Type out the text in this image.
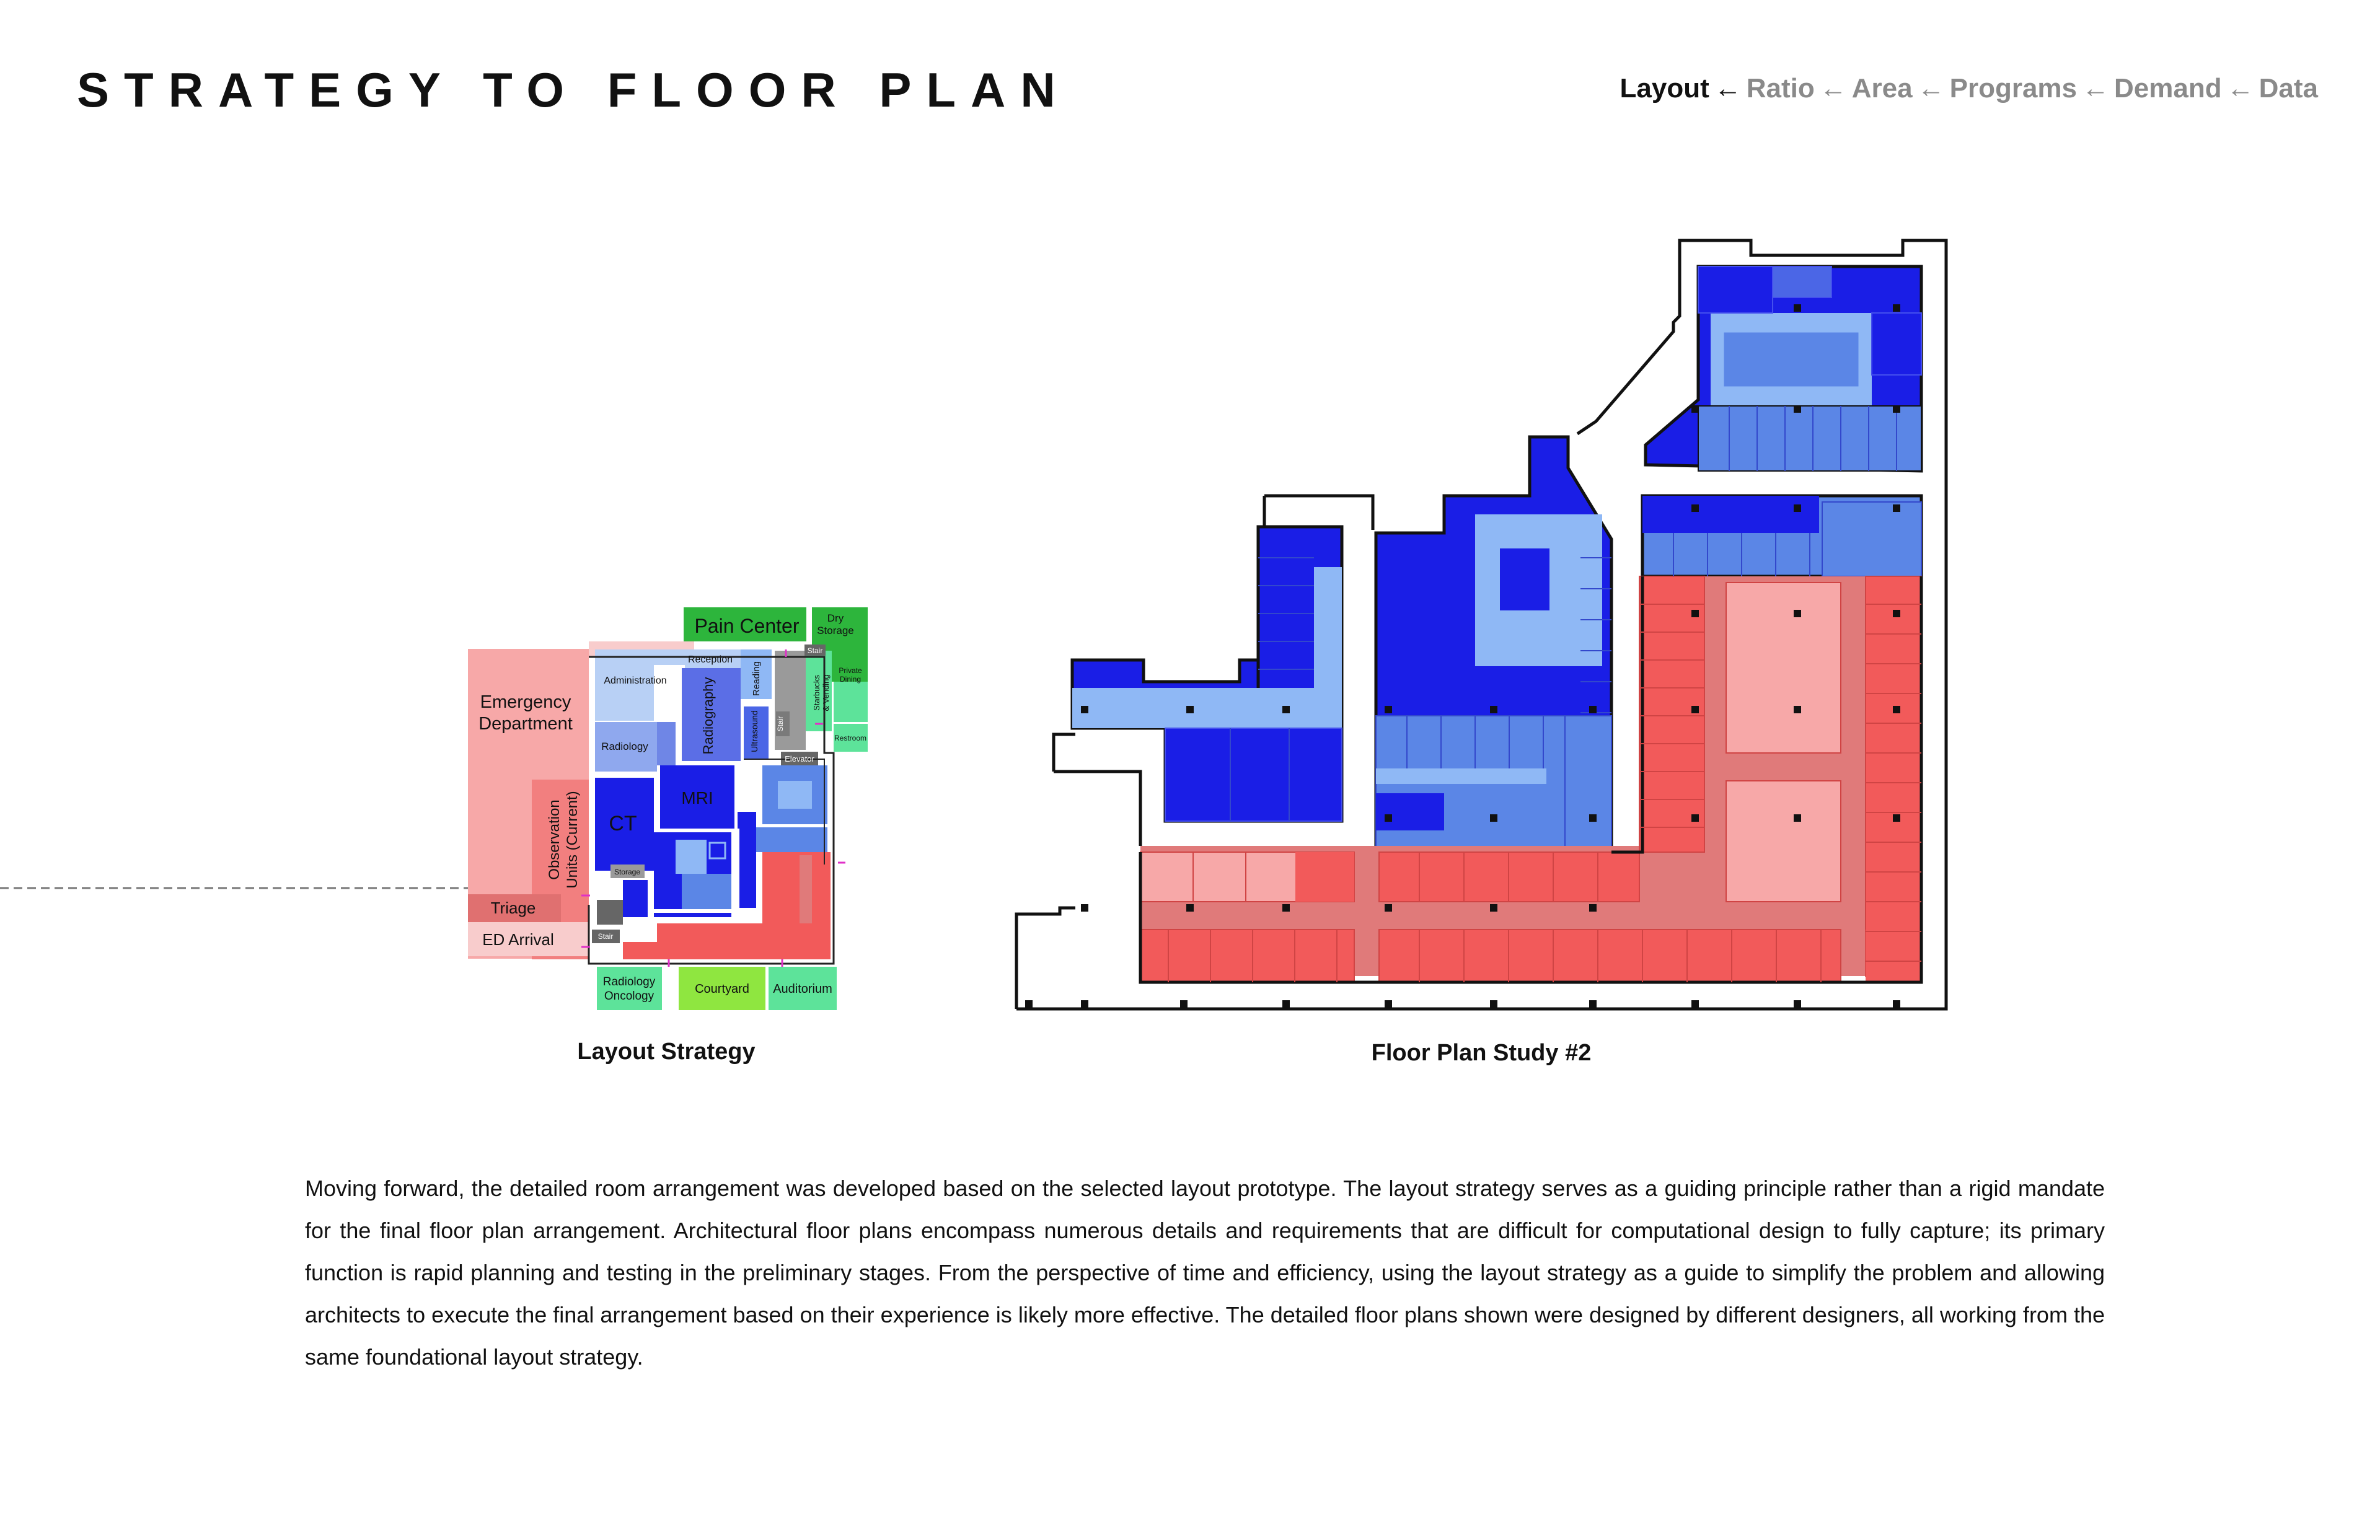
STRATEGY TO FLOOR PLAN	Layout ← Ratio ← Area ← Programs ← Demand ← Data
Pain Center	Dry Storage
Emergency Department
Administration
Reception
Reading	Starbucks& Vending
Private Dining
Restroom
Radiology	Radiography	Ultrasound
Stair
Stair
Elevator
ObservationUnits (Current) CT
MRI
Storage
Triage
ED Arrival	Stair
Radiology Oncology
Courtyard Auditorium
Layout Strategy	Floor Plan Study #2

Moving forward, the detailed room arrangement was developed based on the selected layout prototype. The layout strategy serves as a guiding principle rather than a rigid mandate for the final floor plan arrangement. Architectural floor plans encompass numerous details and requirements that are difficult for computational design to fully capture; its primary function is rapid planning and testing in the preliminary stages. From the perspective of time and efficiency, using the layout strategy as a guide to simplify the problem and allowing architects to execute the final arrangement based on their experience is likely more effective. The detailed floor plans shown were designed by different designers, all working from the same foundational layout strategy.
